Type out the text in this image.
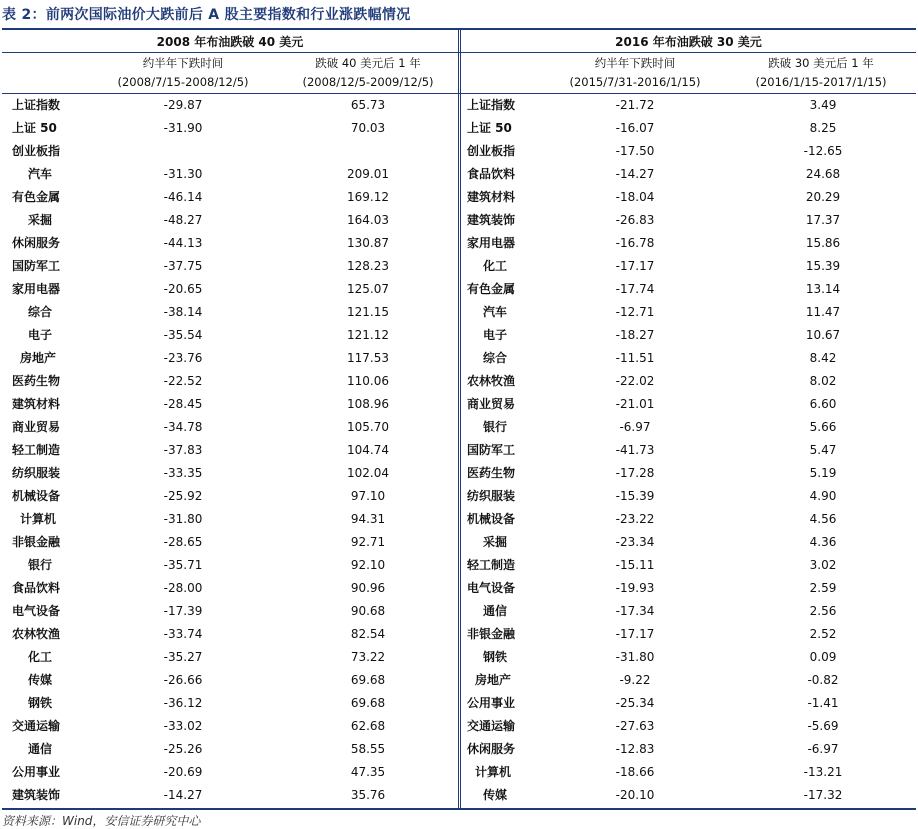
表 2：前两次国际油价大跌前后 A 股主要指数和行业涨跌幅情况
2008 年布油跌破 40 美元	2016 年布油跌破 30 美元
约半年下跌时间
(2008/7/15-2008/12/5)
跌破 40 美元后 1 年
(2008/12/5-2009/12/5)
约半年下跌时间
(2015/7/31-2016/1/15)
跌破 30 美元后 1 年
(2016/1/15-2017/1/15)
上证指数	-29.87	65.73
上证 50	-31.90	70.03
创业板指		
汽车	-31.30	209.01
有色金属	-46.14	169.12
采掘	-48.27	164.03
休闲服务	-44.13	130.87
国防军工	-37.75	128.23
家用电器	-20.65	125.07
综合	-38.14	121.15
电子	-35.54	121.12
房地产	-23.76	117.53
医药生物	-22.52	110.06
建筑材料	-28.45	108.96
商业贸易	-34.78	105.70
轻工制造	-37.83	104.74
纺织服装	-33.35	102.04
机械设备	-25.92	97.10
计算机	-31.80	94.31
非银金融	-28.65	92.71
银行	-35.71	92.10
食品饮料	-28.00	90.96
电气设备	-17.39	90.68
农林牧渔	-33.74	82.54
化工	-35.27	73.22
传媒	-26.66	69.68
钢铁	-36.12	69.68
交通运输	-33.02	62.68
通信	-25.26	58.55
公用事业	-20.69	47.35
建筑装饰	-14.27	35.76
上证指数	-21.72	3.49
上证 50	-16.07	8.25
创业板指	-17.50	-12.65
食品饮料	-14.27	24.68
建筑材料	-18.04	20.29
建筑装饰	-26.83	17.37
家用电器	-16.78	15.86
化工	-17.17	15.39
有色金属	-17.74	13.14
汽车	-12.71	11.47
电子	-18.27	10.67
综合	-11.51	8.42
农林牧渔	-22.02	8.02
商业贸易	-21.01	6.60
银行	-6.97	5.66
国防军工	-41.73	5.47
医药生物	-17.28	5.19
纺织服装	-15.39	4.90
机械设备	-23.22	4.56
采掘	-23.34	4.36
轻工制造	-15.11	3.02
电气设备	-19.93	2.59
通信	-17.34	2.56
非银金融	-17.17	2.52
钢铁	-31.80	0.09
房地产	-9.22	-0.82
公用事业	-25.34	-1.41
交通运输	-27.63	-5.69
休闲服务	-12.83	-6.97
计算机	-18.66	-13.21
传媒	-20.10	-17.32
资料来源：Wind，安信证券研究中心
